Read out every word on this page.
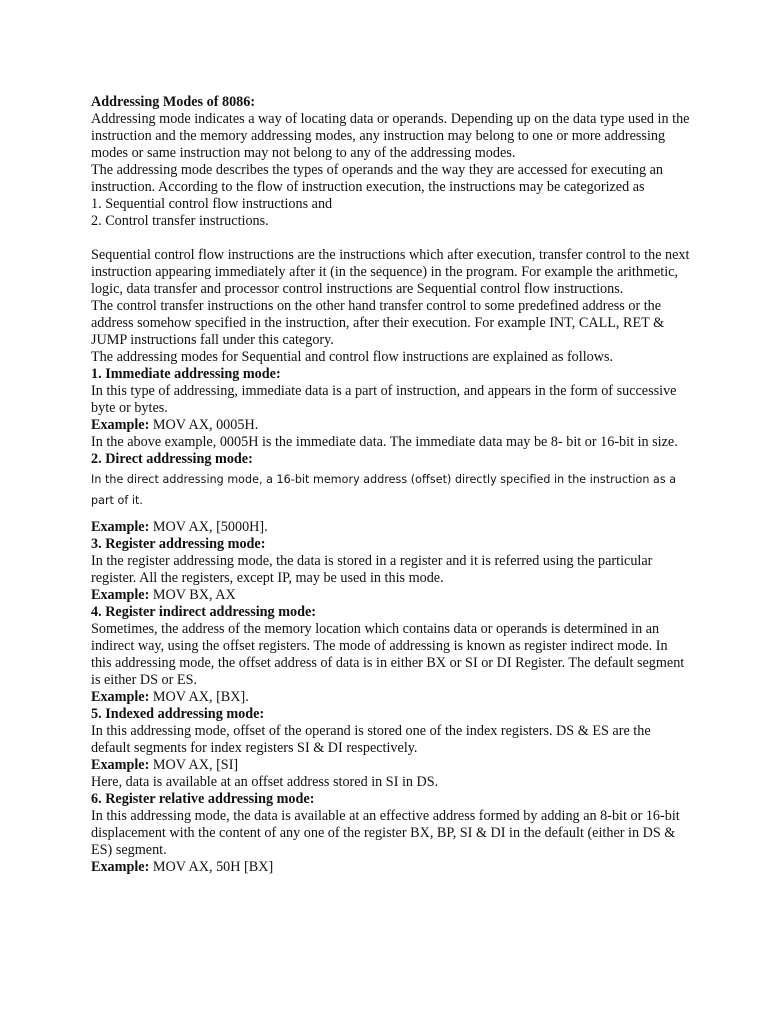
Addressing Modes of 8086:

Addressing mode indicates a way of locating data or operands. Depending up on the data type used in the instruction and the memory addressing modes, any instruction may belong to one or more addressing modes or same instruction may not belong to any of the addressing modes.

The addressing mode describes the types of operands and the way they are accessed for executing an instruction. According to the flow of instruction execution, the instructions may be categorized as

1. Sequential control flow instructions and
2. Control transfer instructions.

Sequential control flow instructions are the instructions which after execution, transfer control to the next instruction appearing immediately after it (in the sequence) in the program. For example the arithmetic, logic, data transfer and processor control instructions are Sequential control flow instructions.

The control transfer instructions on the other hand transfer control to some predefined address or the address somehow specified in the instruction, after their execution. For example INT, CALL, RET & JUMP instructions fall under this category.

The addressing modes for Sequential and control flow instructions are explained as follows.

1. Immediate addressing mode:

In this type of addressing, immediate data is a part of instruction, and appears in the form of successive byte or bytes.

Example: MOV AX, 0005H.

In the above example, 0005H is the immediate data. The immediate data may be 8- bit or 16-bit in size.

2. Direct addressing mode:

In the direct addressing mode, a 16-bit memory address (offset) directly specified in the instruction as a part of it.

Example: MOV AX, [5000H].
3. Register addressing mode:

In the register addressing mode, the data is stored in a register and it is referred using the particular register. All the registers, except IP, may be used in this mode.

Example: MOV BX, AX
4. Register indirect addressing mode:

Sometimes, the address of the memory location which contains data or operands is determined in an indirect way, using the offset registers. The mode of addressing is known as register indirect mode. In this addressing mode, the offset address of data is in either BX or SI or DI Register. The default segment is either DS or ES.

Example: MOV AX, [BX].
5. Indexed addressing mode:

In this addressing mode, offset of the operand is stored one of the index registers. DS & ES are the default segments for index registers SI & DI respectively.

Example: MOV AX, [SI]

Here, data is available at an offset address stored in SI in DS.

6. Register relative addressing mode:

In this addressing mode, the data is available at an effective address formed by adding an 8-bit or 16-bit displacement with the content of any one of the register BX, BP, SI & DI in the default (either in DS & ES) segment.

Example: MOV AX, 50H [BX]
